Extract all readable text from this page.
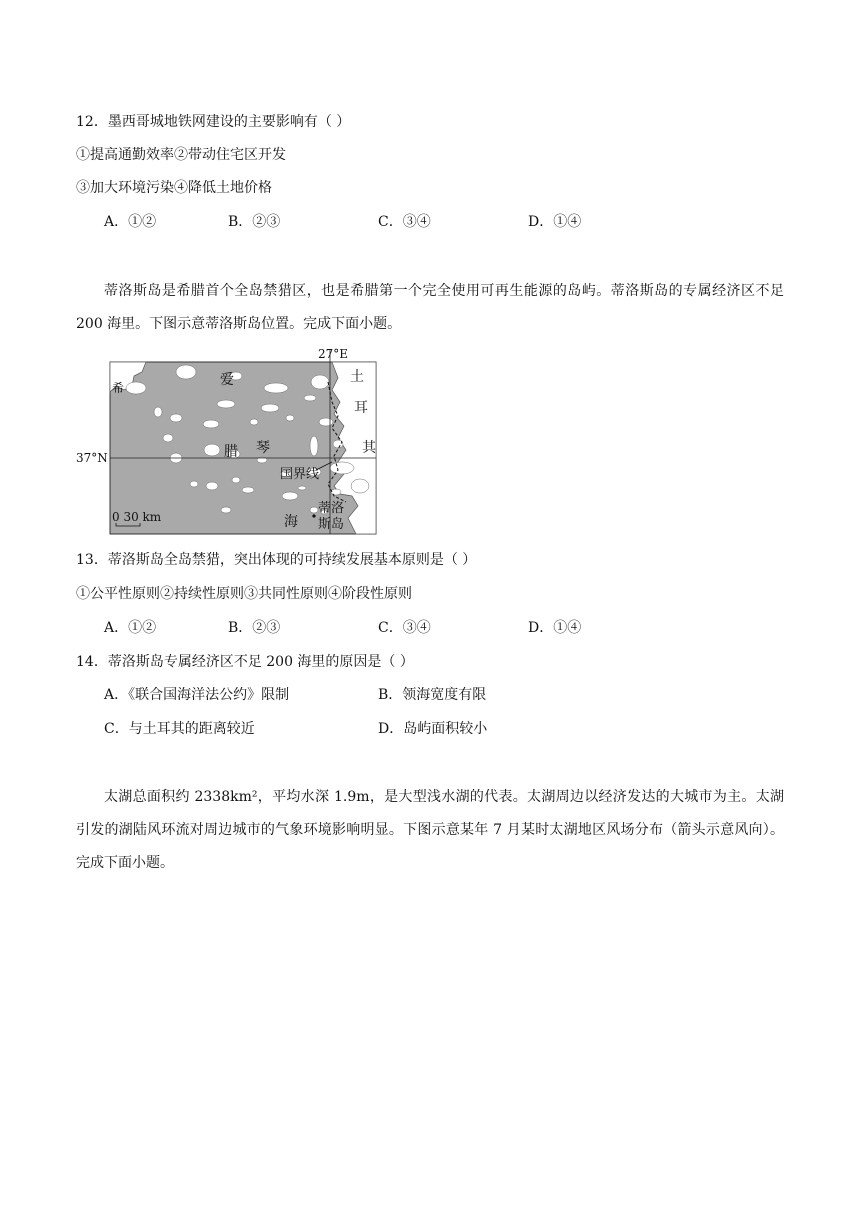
12．墨西哥城地铁网建设的主要影响有（ ）
①提高通勤效率②带动住宅区开发
③加大环境污染④降低土地价格
A．①②	B．②③	C．③④	D．①④
蒂洛斯岛是希腊首个全岛禁猎区，也是希腊第一个完全使用可再生能源的岛屿。蒂洛斯岛的专属经济区不足 200 海里。下图示意蒂洛斯岛位置。完成下面小题。
27°E
37°N
0 30 km
希	爱
腊 琴
海
土
耳
其
国界线
蒂洛
斯岛
13．蒂洛斯岛全岛禁猎，突出体现的可持续发展基本原则是（ ）
①公平性原则②持续性原则③共同性原则④阶段性原则
A．①②	B．②③	C．③④	D．①④
14．蒂洛斯岛专属经济区不足 200 海里的原因是（ ）
A．《联合国海洋法公约》限制	B．领海宽度有限
C．与土耳其的距离较近	D．岛屿面积较小
太湖总面积约 2338km²，平均水深 1.9m，是大型浅水湖的代表。太湖周边以经济发达的大城市为主。太湖引发的湖陆风环流对周边城市的气象环境影响明显。下图示意某年 7 月某时太湖地区风场分布（箭头示意风向）。完成下面小题。
